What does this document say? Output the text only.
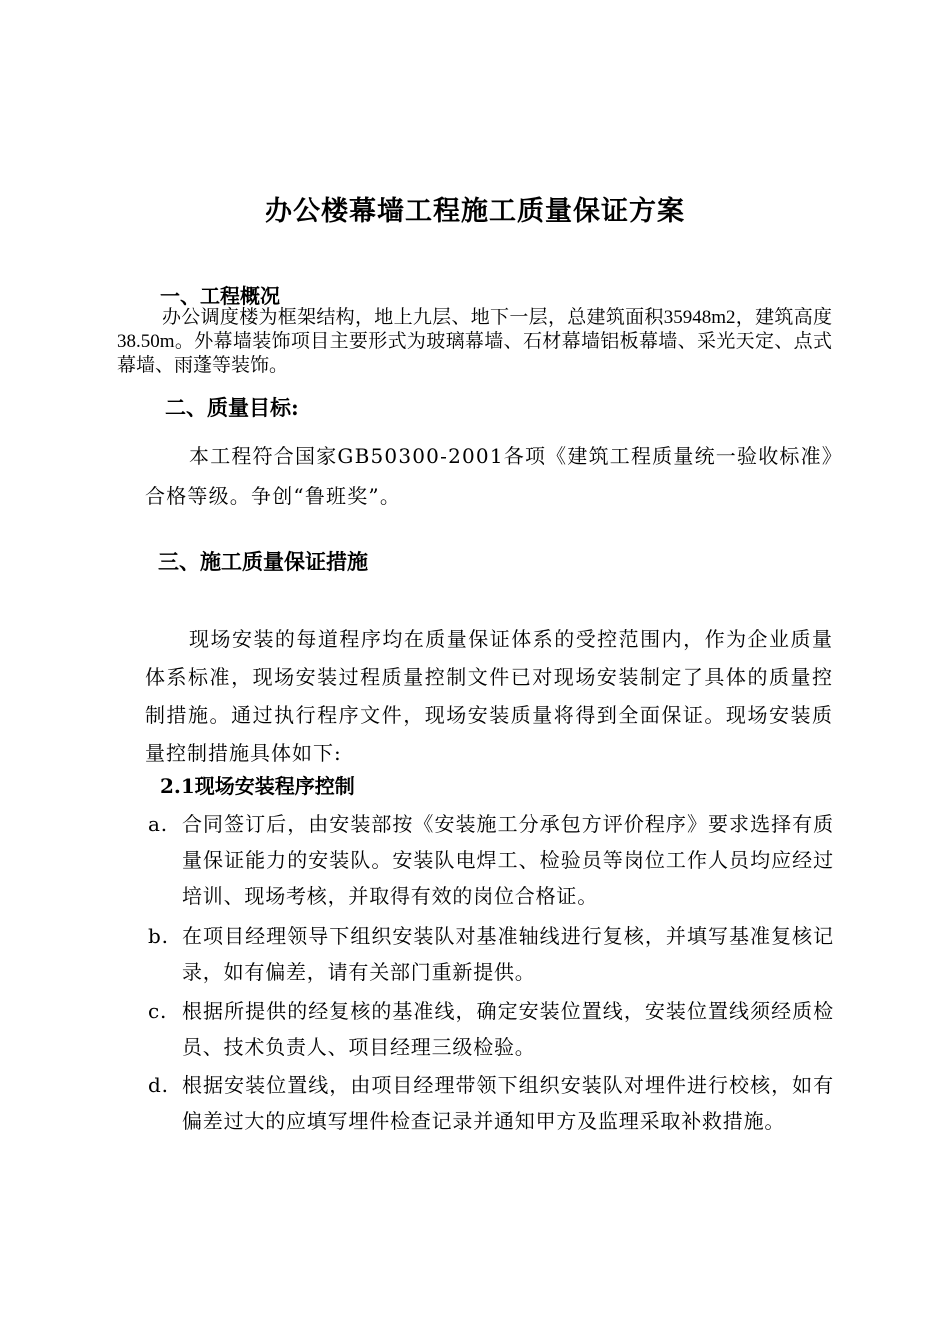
办公楼幕墙工程施工质量保证方案
一、工程概况

办公调度楼为框架结构，地上九层、地下一层，总建筑面积35948m2，建筑高度38.50m。外幕墙装饰项目主要形式为玻璃幕墙、石材幕墙铝板幕墙、采光天定、点式幕墙、雨蓬等装饰。

二、质量目标:

本工程符合国家GB50300-2001各项《建筑工程质量统一验收标准》合格等级。争创“鲁班奖”。

三、施工质量保证措施

现场安装的每道程序均在质量保证体系的受控范围内，作为企业质量体系标准，现场安装过程质量控制文件已对现场安装制定了具体的质量控制措施。通过执行程序文件，现场安装质量将得到全面保证。现场安装质量控制措施具体如下:

2.1现场安装程序控制
a. 合同签订后，由安装部按《安装施工分承包方评价程序》要求选择有质量保证能力的安装队。安装队电焊工、检验员等岗位工作人员均应经过培训、现场考核，并取得有效的岗位合格证。
b. 在项目经理领导下组织安装队对基准轴线进行复核，并填写基准复核记录，如有偏差，请有关部门重新提供。
c. 根据所提供的经复核的基准线，确定安装位置线，安装位置线须经质检员、技术负责人、项目经理三级检验。
d. 根据安装位置线，由项目经理带领下组织安装队对埋件进行校核，如有偏差过大的应填写埋件检查记录并通知甲方及监理采取补救措施。
